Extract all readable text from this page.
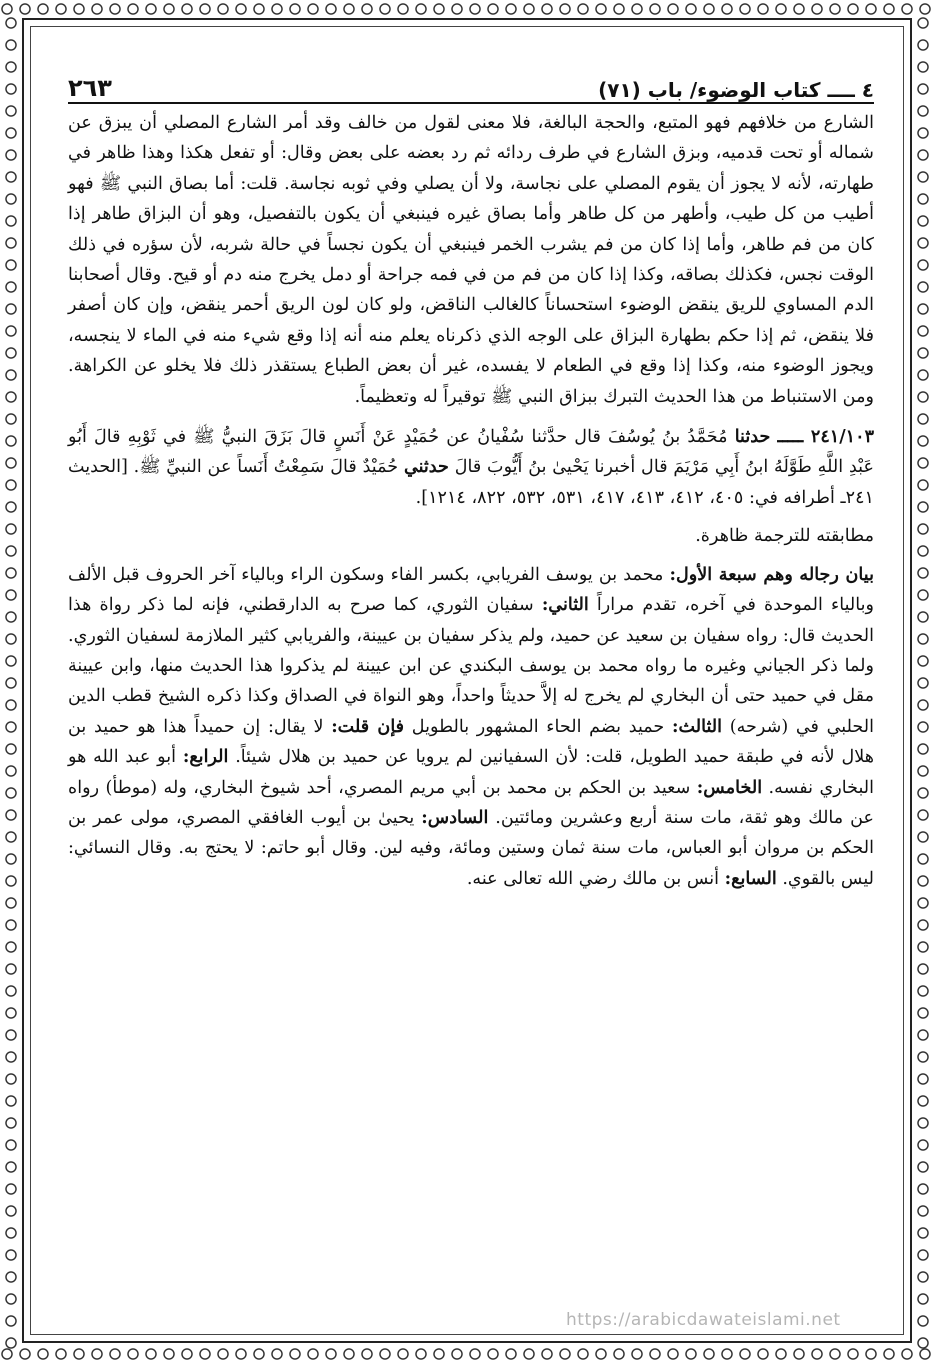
٤ ــــ كتاب الوضوء/ باب (٧١)
٢٦٣

الشارع من خلافهم فهو المتبع، والحجة البالغة، فلا معنى لقول من خالف وقد أمر الشارع المصلي أن يبزق عن شماله أو تحت قدميه، وبزق الشارع في طرف ردائه ثم رد بعضه على بعض وقال: أو تفعل هكذا وهذا ظاهر في طهارته، لأنه لا يجوز أن يقوم المصلي على نجاسة، ولا أن يصلي وفي ثوبه نجاسة. قلت: أما بصاق النبي ﷺ فهو أطيب من كل طيب، وأطهر من كل طاهر وأما بصاق غيره فينبغي أن يكون بالتفصيل، وهو أن البزاق طاهر إذا كان من فم طاهر، وأما إذا كان من فم يشرب الخمر فينبغي أن يكون نجساً في حالة شربه، لأن سؤره في ذلك الوقت نجس، فكذلك بصاقه، وكذا إذا كان من فم من في فمه جراحة أو دمل يخرج منه دم أو قيح. وقال أصحابنا الدم المساوي للريق ينقض الوضوء استحساناً كالغالب الناقض، ولو كان لون الريق أحمر ينقض، وإن كان أصفر فلا ينقض، ثم إذا حكم بطهارة البزاق على الوجه الذي ذكرناه يعلم منه أنه إذا وقع شيء منه في الماء لا ينجسه، ويجوز الوضوء منه، وكذا إذا وقع في الطعام لا يفسده، غير أن بعض الطباع يستقذر ذلك فلا يخلو عن الكراهة. ومن الاستنباط من هذا الحديث التبرك ببزاق النبي ﷺ توقيراً له وتعظيماً.

٢٤١/١٠٣ ـــــ حدثنا مُحَمَّدُ بنُ يُوسُفَ قال حدَّثنا سُفْيانُ عن حُمَيْدٍ عَنْ أَنَسٍ قالَ بَزَقَ النبيُّ ﷺ في ثَوْبِهِ قالَ أَبُو عَبْدِ اللَّهِ طَوَّلَهُ ابنُ أَبِي مَرْيَمَ قال أخبرنا يَحْيىٰ بنُ أَيُّوبَ قالَ حدثني حُمَيْدٌ قالَ سَمِعْتُ أَنَساً عن النبيِّ ﷺ. [الحديث ٢٤١ـ أطرافه في: ٤٠٥، ٤١٢، ٤١٣، ٤١٧، ٥٣١، ٥٣٢، ٨٢٢، ١٢١٤].

مطابقته للترجمة ظاهرة.

بيان رجاله وهم سبعة الأول: محمد بن يوسف الفريابي، بكسر الفاء وسكون الراء وبالياء آخر الحروف قبل الألف وبالياء الموحدة في آخره، تقدم مراراً الثاني: سفيان الثوري، كما صرح به الدارقطني، فإنه لما ذكر رواة هذا الحديث قال: رواه سفيان بن سعيد عن حميد، ولم يذكر سفيان بن عيينة، والفريابي كثير الملازمة لسفيان الثوري. ولما ذكر الجياني وغيره ما رواه محمد بن يوسف البكندي عن ابن عيينة لم يذكروا هذا الحديث منها، وابن عيينة مقل في حميد حتى أن البخاري لم يخرج له إلاَّ حديثاً واحداً، وهو النواة في الصداق وكذا ذكره الشيخ قطب الدين الحلبي في (شرحه) الثالث: حميد بضم الحاء المشهور بالطويل فإن قلت: لا يقال: إن حميداً هذا هو حميد بن هلال لأنه في طبقة حميد الطويل، قلت: لأن السفيانين لم يرويا عن حميد بن هلال شيئاً. الرابع: أبو عبد الله هو البخاري نفسه. الخامس: سعيد بن الحكم بن محمد بن أبي مريم المصري، أحد شيوخ البخاري، وله (موطأ) رواه عن مالك وهو ثقة، مات سنة أربع وعشرين ومائتين. السادس: يحيىٰ بن أيوب الغافقي المصري، مولى عمر بن الحكم بن مروان أبو العباس، مات سنة ثمان وستين ومائة، وفيه لين. وقال أبو حاتم: لا يحتج به. وقال النسائي: ليس بالقوي. السابع: أنس بن مالك رضي الله تعالى عنه.

https://arabicdawateislami.net
